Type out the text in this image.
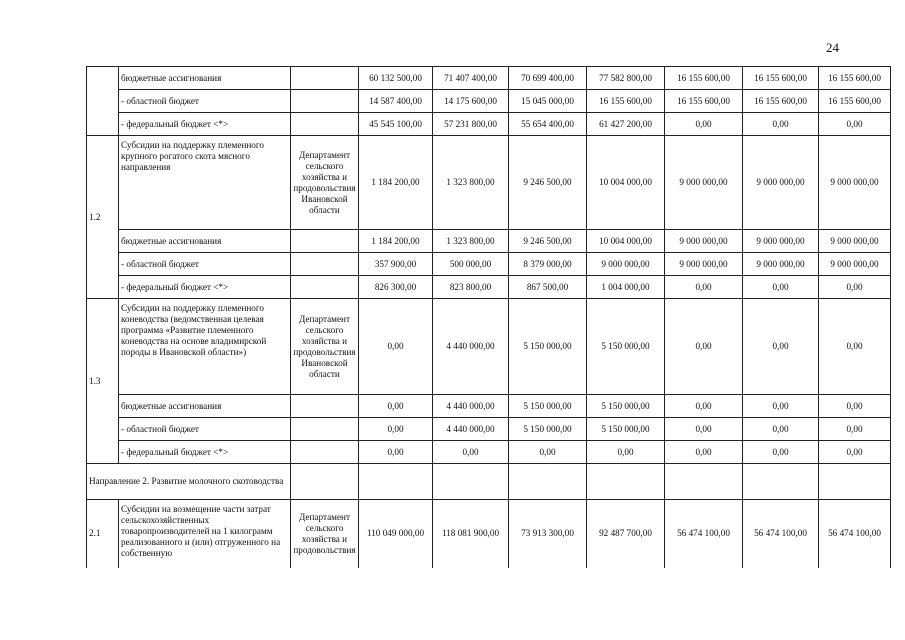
24
	бюджетные ассигнования		60 132 500,00	71 407 400,00	70 699 400,00	77 582 800,00	16 155 600,00	16 155 600,00	16 155 600,00
	- областной бюджет		14 587 400,00	14 175 600,00	15 045 000,00	16 155 600,00	16 155 600,00	16 155 600,00	16 155 600,00
	- федеральный бюджет <*>		45 545 100,00	57 231 800,00	55 654 400,00	61 427 200,00	0,00	0,00	0,00
1.2	Субсидии на поддержку племенного крупного рогатого скота мясного направления	Департамент сельского хозяйства и продовольствия Ивановской области	1 184 200,00	1 323 800,00	9 246 500,00	10 004 000,00	9 000 000,00	9 000 000,00	9 000 000,00
	бюджетные ассигнования		1 184 200,00	1 323 800,00	9 246 500,00	10 004 000,00	9 000 000,00	9 000 000,00	9 000 000,00
	- областной бюджет		357 900,00	500 000,00	8 379 000,00	9 000 000,00	9 000 000,00	9 000 000,00	9 000 000,00
	- федеральный бюджет <*>		826 300,00	823 800,00	867 500,00	1 004 000,00	0,00	0,00	0,00
1.3	Субсидии на поддержку племенного коневодства (ведомственная целевая программа «Развитие племенного коневодства на основе владимирской породы в Ивановской области»)	Департамент сельского хозяйства и продовольствия Ивановской области	0,00	4 440 000,00	5 150 000,00	5 150 000,00	0,00	0,00	0,00
	бюджетные ассигнования		0,00	4 440 000,00	5 150 000,00	5 150 000,00	0,00	0,00	0,00
	- областной бюджет		0,00	4 440 000,00	5 150 000,00	5 150 000,00	0,00	0,00	0,00
	- федеральный бюджет <*>		0,00	0,00	0,00	0,00	0,00	0,00	0,00
Направление 2. Развитие молочного скотоводства									
2.1	Субсидии на возмещение части затрат сельскохозяйственных товаропроизводителей на 1 килограмм реализованного и (или) отгруженного на собственную	Департамент сельского хозяйства и продовольствия	110 049 000,00	118 081 900,00	73 913 300,00	92 487 700,00	56 474 100,00	56 474 100,00	56 474 100,00
